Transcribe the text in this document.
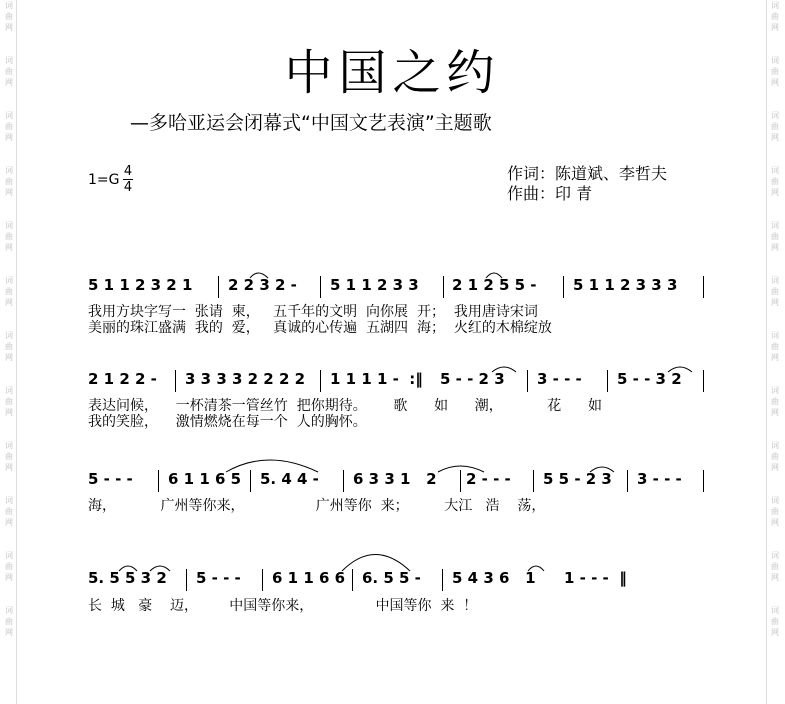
词
曲
网

词
曲
网

词
曲
网

词
曲
网

词
曲
网

词
曲
网

词
曲
网

词
曲
网

词
曲
网

词
曲
网

词
曲
网

词
曲
网

词
曲
网

词
曲
网

词
曲
网

词
曲
网

词
曲
网

词
曲
网

词
曲
网

词
曲
网

词
曲
网

词
曲
网

词
曲
网

词
曲
网

中国之约
—多哈亚运会闭幕式“中国文艺表演”主题歌
$1=G \frac{4}{4}$	作词：陈道斌、李哲夫
作曲：印 青
5 1 1 2 3 2 1 2 2 3 2 - 5 1 1 2 3 3 2 1 2 5 5 - 5 1 1 2 3 3 3
我用方块字写一  张请  柬，   五千年的文明  向你展  开；  我用唐诗宋词
美丽的珠江盛满  我的  爱，   真诚的心传遍  五湖四  海；  火红的木棉绽放
2 1 2 2 - 3 3 3 3 2 2 2 2 1 1 1 1 -  :‖ 5 - - 2 3 3 - - - 5 - - 3 2
表达问候，    一杯清茶一管丝竹  把你期待。      歌      如      潮，          花      如
我的笑脸，    激情燃烧在每一个  人的胸怀。
5 - - - 6 1 1 6 5 5. 4 4 - 6 3 3 1   2 2 - - - 5 5 - 2 3 3 - - -
海，          广州等你来，                广州等你  来；        大江   浩    荡，
5. 5 5 3 2 5 - - - 6 1 1 6 6 6. 5 5 - 5 4 3 6   1 1 - - -  ‖
长  城   豪    迈，       中国等你来，              中国等你  来  ！
